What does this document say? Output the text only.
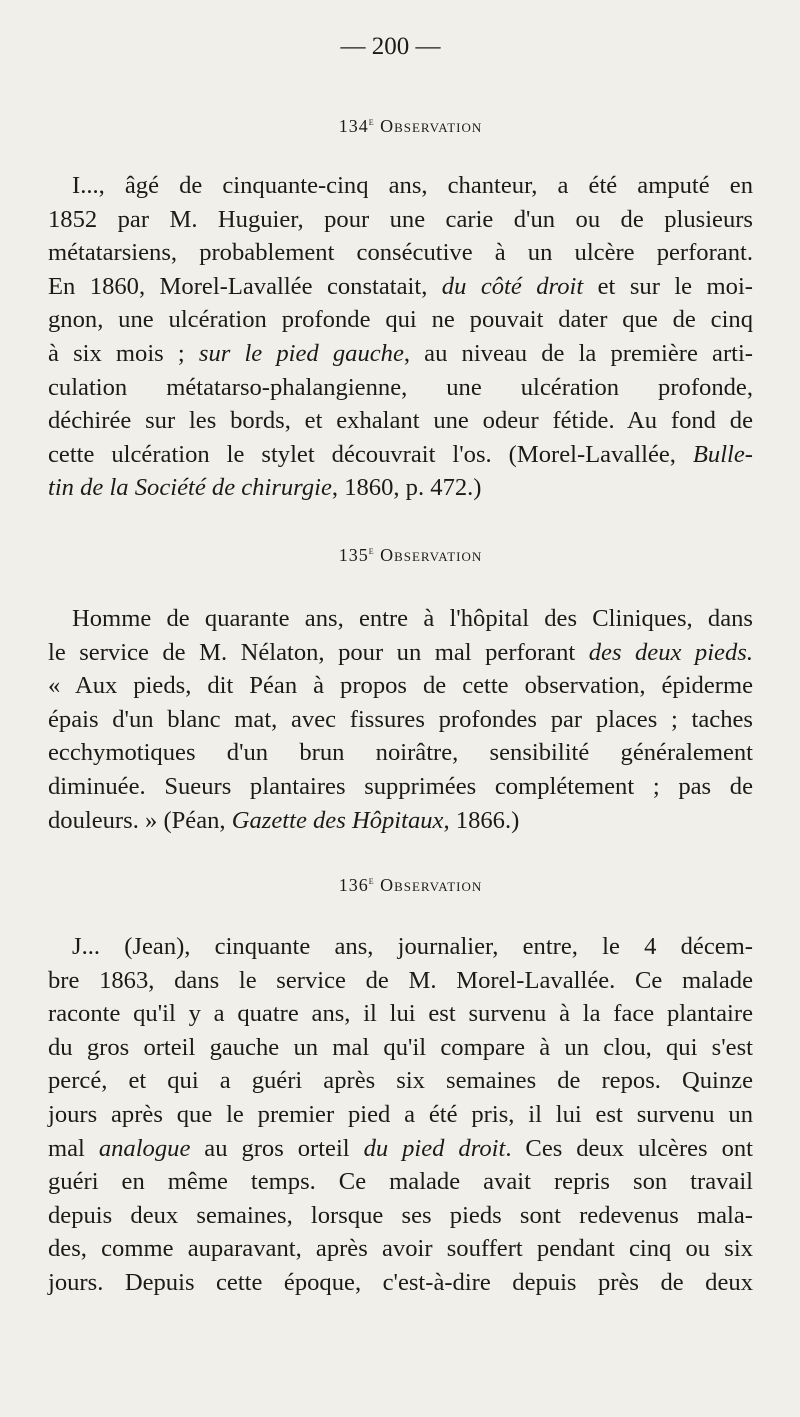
— 200 —
134e Observation
I..., âgé de cinquante-cinq ans, chanteur, a été amputé en
1852 par M. Huguier, pour une carie d'un ou de plusieurs
métatarsiens, probablement consécutive à un ulcère perforant.
En 1860, Morel-Lavallée constatait, du côté droit et sur le moi-
gnon, une ulcération profonde qui ne pouvait dater que de cinq
à six mois ; sur le pied gauche, au niveau de la première arti-
culation métatarso-phalangienne, une ulcération profonde,
déchirée sur les bords, et exhalant une odeur fétide. Au fond de
cette ulcération le stylet découvrait l'os. (Morel-Lavallée, Bulle-
tin de la Société de chirurgie, 1860, p. 472.)
135e Observation
Homme de quarante ans, entre à l'hôpital des Cliniques, dans
le service de M. Nélaton, pour un mal perforant des deux pieds.
« Aux pieds, dit Péan à propos de cette observation, épiderme
épais d'un blanc mat, avec fissures profondes par places ; taches
ecchymotiques d'un brun noirâtre, sensibilité généralement
diminuée. Sueurs plantaires supprimées complétement ; pas de
douleurs. » (Péan, Gazette des Hôpitaux, 1866.)
136e Observation
J... (Jean), cinquante ans, journalier, entre, le 4 décem-
bre 1863, dans le service de M. Morel-Lavallée. Ce malade
raconte qu'il y a quatre ans, il lui est survenu à la face plantaire
du gros orteil gauche un mal qu'il compare à un clou, qui s'est
percé, et qui a guéri après six semaines de repos. Quinze
jours après que le premier pied a été pris, il lui est survenu un
mal analogue au gros orteil du pied droit. Ces deux ulcères ont
guéri en même temps. Ce malade avait repris son travail
depuis deux semaines, lorsque ses pieds sont redevenus mala-
des, comme auparavant, après avoir souffert pendant cinq ou six
jours. Depuis cette époque, c'est-à-dire depuis près de deux
